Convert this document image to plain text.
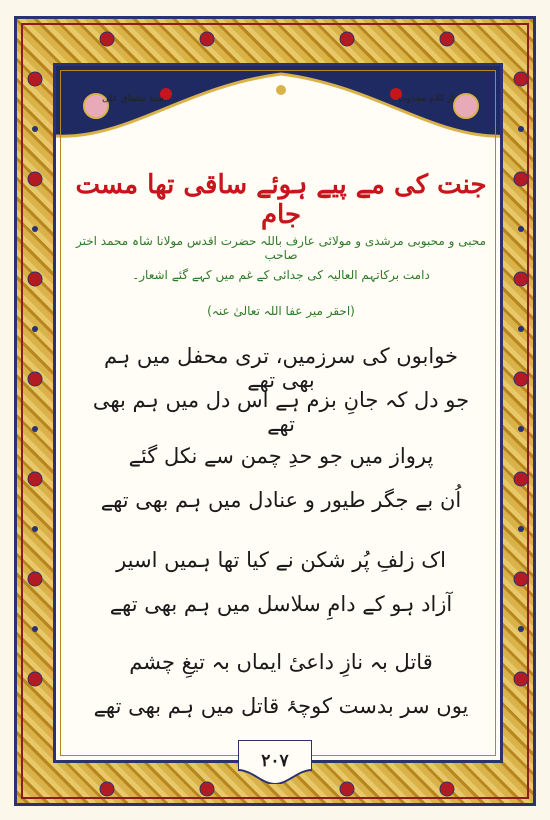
سید مشتاق علی	از کلام مجذوب
جنت کی مے پیے ہوئے ساقی تھا مست جام
محبی و محبوبی مرشدی و مولائی عارف باللہ حضرت اقدس مولانا شاہ محمد اختر صاحب
دامت برکاتہم العالیہ کی جدائی کے غم میں کہے گئے اشعار۔
(احقر میر عفا اللہ تعالیٰ عنہ)
خوابوں کی سرزمیں، تری محفل میں ہم بھی تھے
جو دل کہ جانِ بزم ہے اس دل میں ہم بھی تھے
پرواز میں جو حدِ چمن سے نکل گئے
اُن بے جگر طیور و عنادل میں ہم بھی تھے
اک زلفِ پُر شکن نے کیا تھا ہمیں اسیر
آزاد ہو کے دامِ سلاسل میں ہم بھی تھے
قاتل بہ نازِ داعیٔ ایماں بہ تیغِ چشم
یوں سر بدست کوچۂ قاتل میں ہم بھی تھے
۲۰۷
